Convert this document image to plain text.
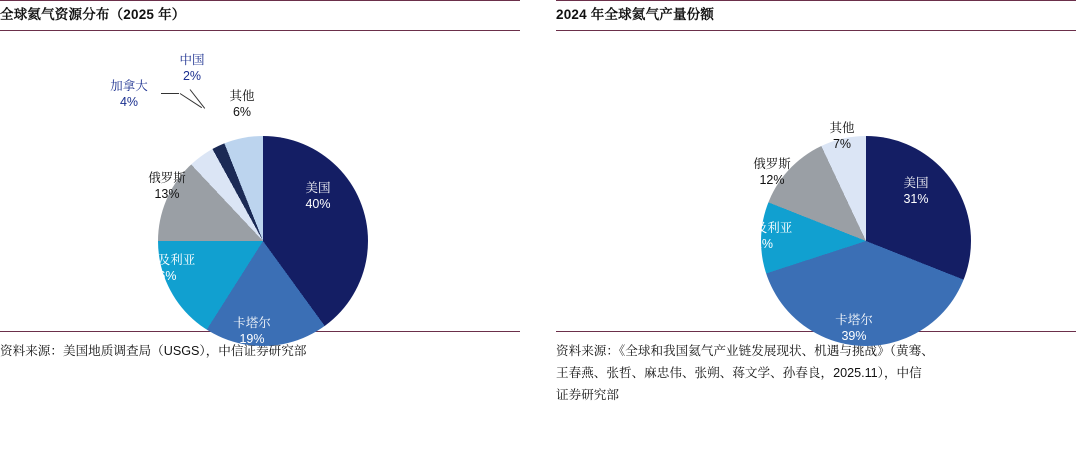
全球氦气资源分布（2025 年）
美国
40%
卡塔尔
19%
阿尔及利亚
16%
俄罗斯
13%
加拿大
4%
中国
2%
其他
6%
资料来源：美国地质调查局（USGS），中信证券研究部
2024 年全球氦气产量份额
美国
31%
卡塔尔
39%
阿尔及利亚
11%
俄罗斯
12%
其他
7%
资料来源：《全球和我国氦气产业链发展现状、机遇与挑战》（黄骞、
王春燕、张哲、麻忠伟、张朔、蒋文学、孙春良，2025.11），中信
证券研究部
